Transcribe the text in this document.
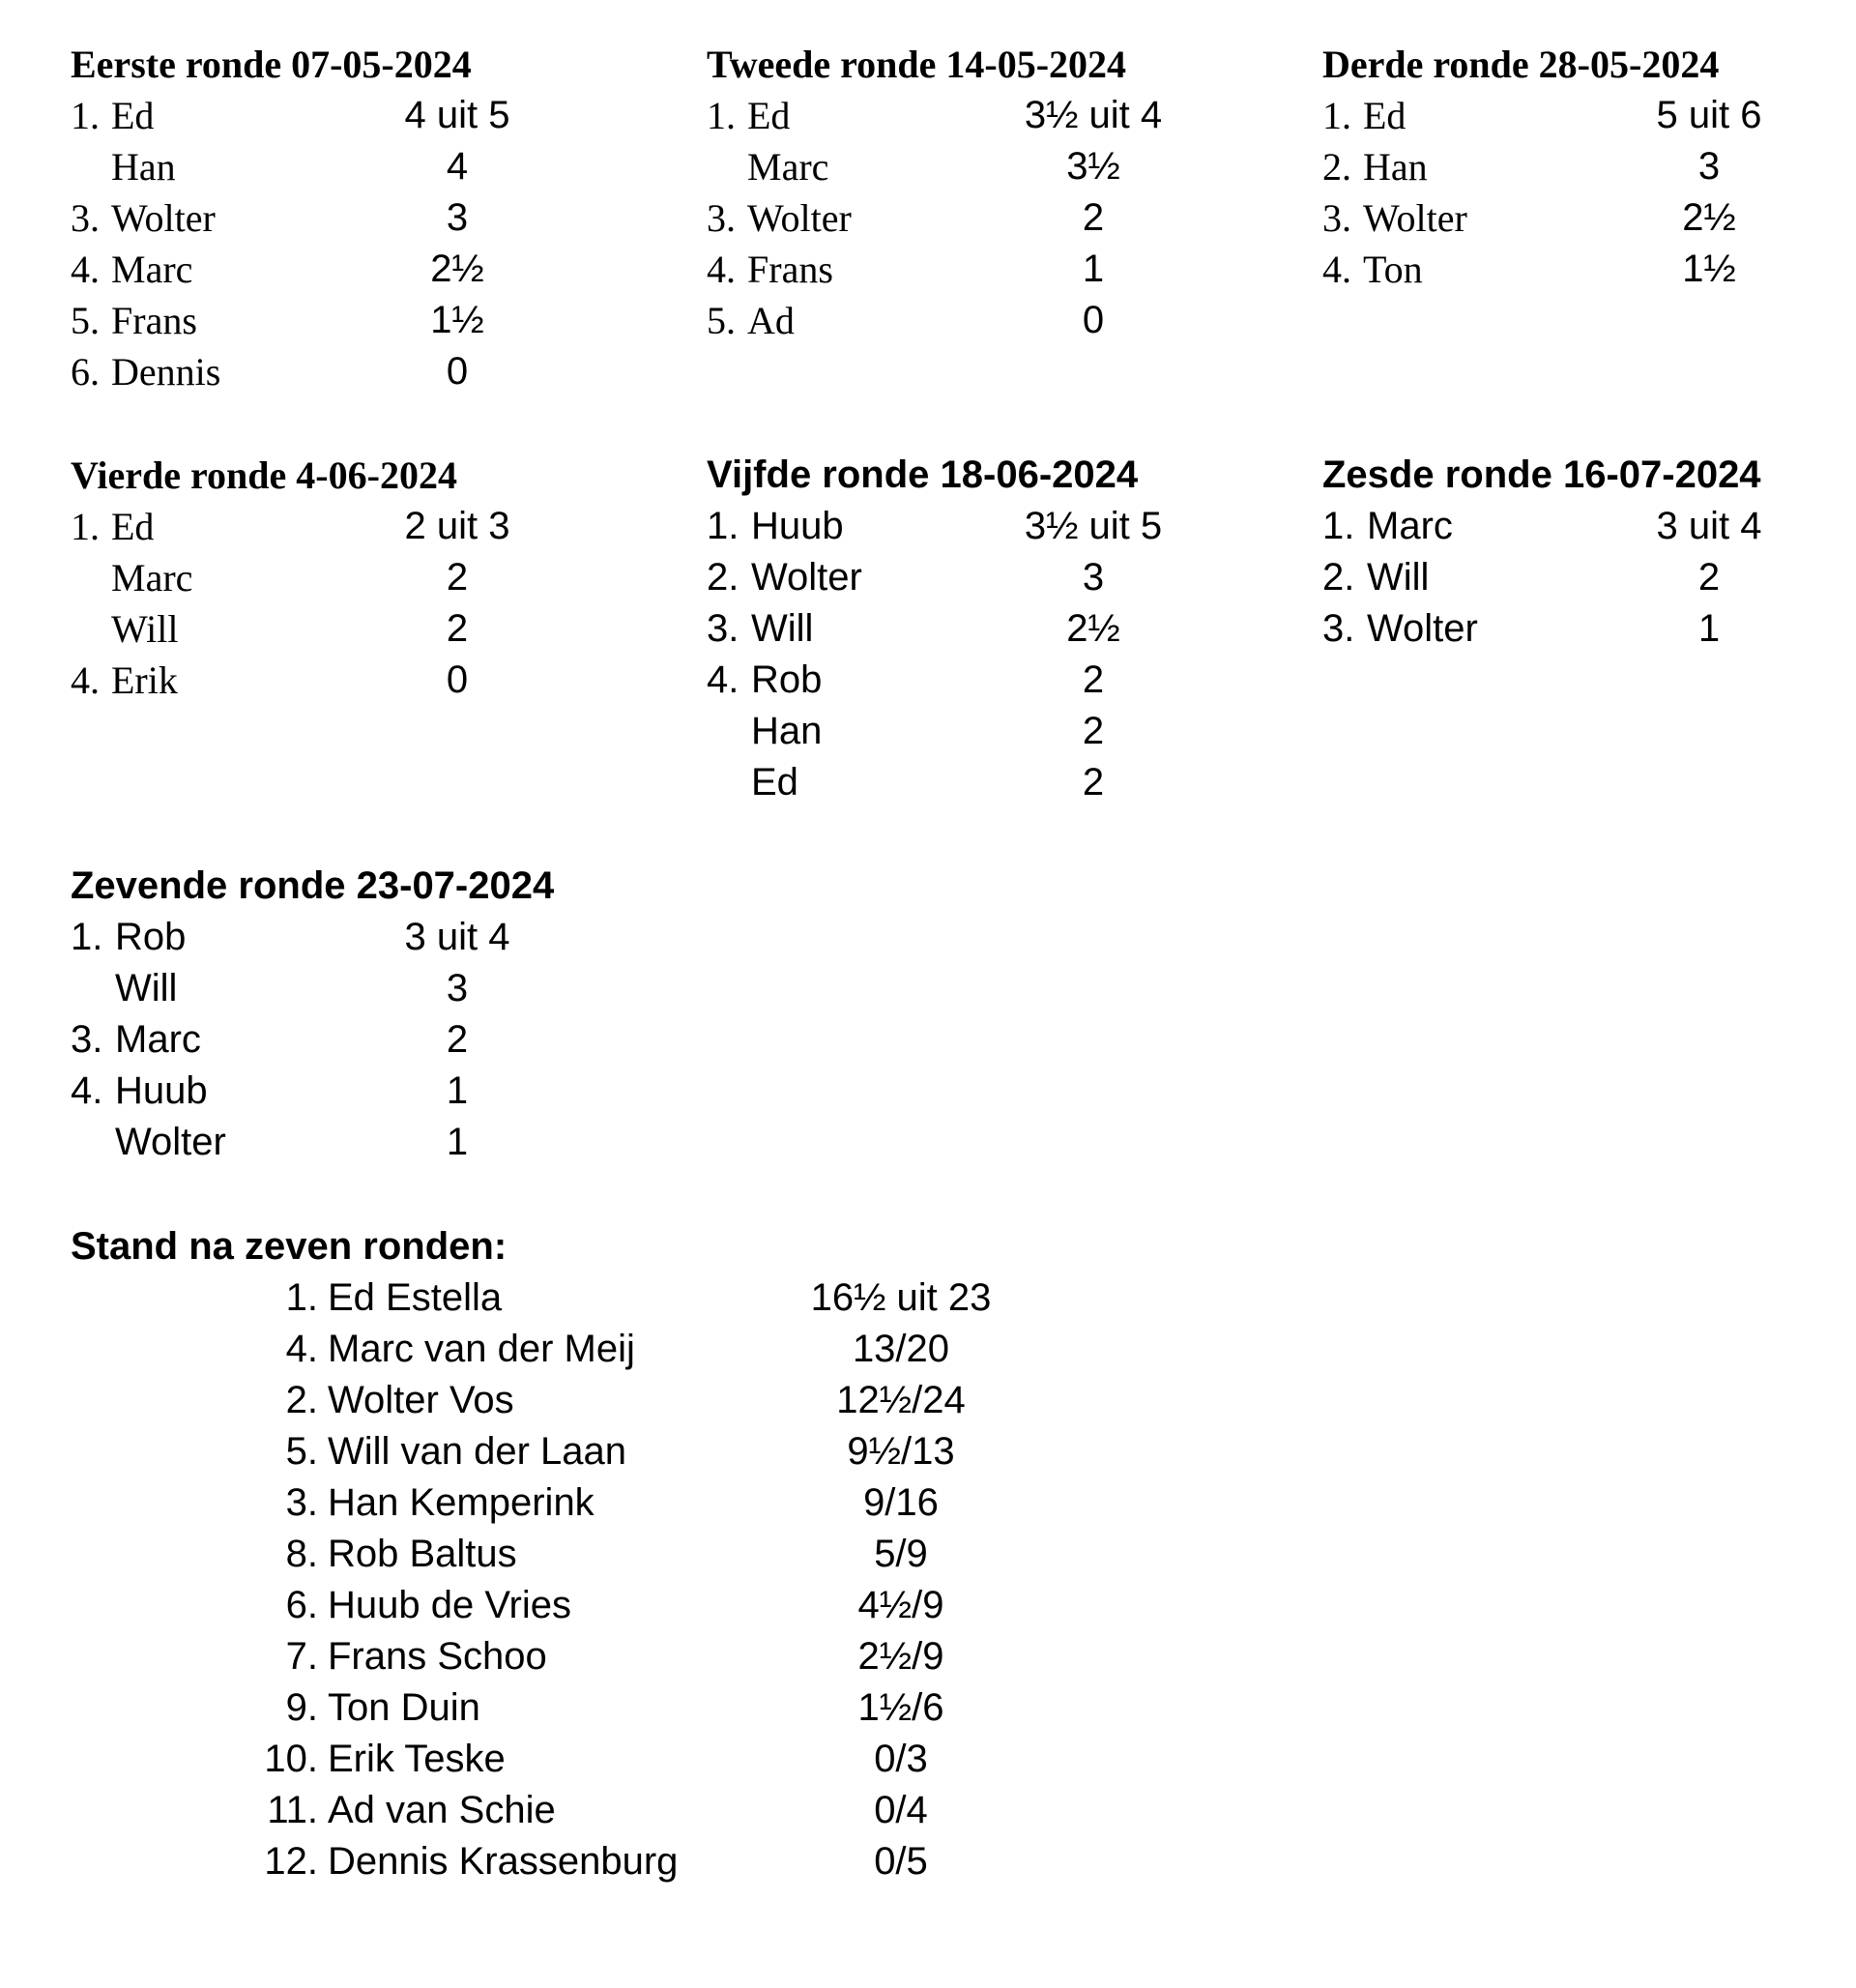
Eerste ronde 07-05-2024
1. Ed	4 uit 5
Han	4
3. Wolter	3
4. Marc	2½
5. Frans	1½
6. Dennis	0
Tweede ronde 14-05-2024
1. Ed	3½ uit 4
Marc	3½
3. Wolter	2
4. Frans	1
5. Ad	0
Derde ronde 28-05-2024
1. Ed	5 uit 6
2. Han	3
3. Wolter	2½
4. Ton	1½
Vierde ronde 4-06-2024
1. Ed	2 uit 3
Marc	2
Will	2
4. Erik	0
Vijfde ronde 18-06-2024
1. Huub	3½ uit 5
2. Wolter	3
3. Will	2½
4. Rob	2
Han	2
Ed	2
Zesde ronde 16-07-2024
1. Marc	3 uit 4
2. Will	2
3. Wolter	1
Zevende ronde 23-07-2024
1. Rob	3 uit 4
Will	3
3. Marc	2
4. Huub	1
Wolter	1
Stand na zeven ronden:
1. Ed Estella	16½ uit 23
4. Marc van der Meij	13/20
2. Wolter Vos	12½/24
5. Will van der Laan	9½/13
3. Han Kemperink	9/16
8. Rob Baltus	5/9
6. Huub de Vries	4½/9
7. Frans Schoo	2½/9
9. Ton Duin	1½/6
10. Erik Teske	0/3
11. Ad van Schie	0/4
12. Dennis Krassenburg	0/5
